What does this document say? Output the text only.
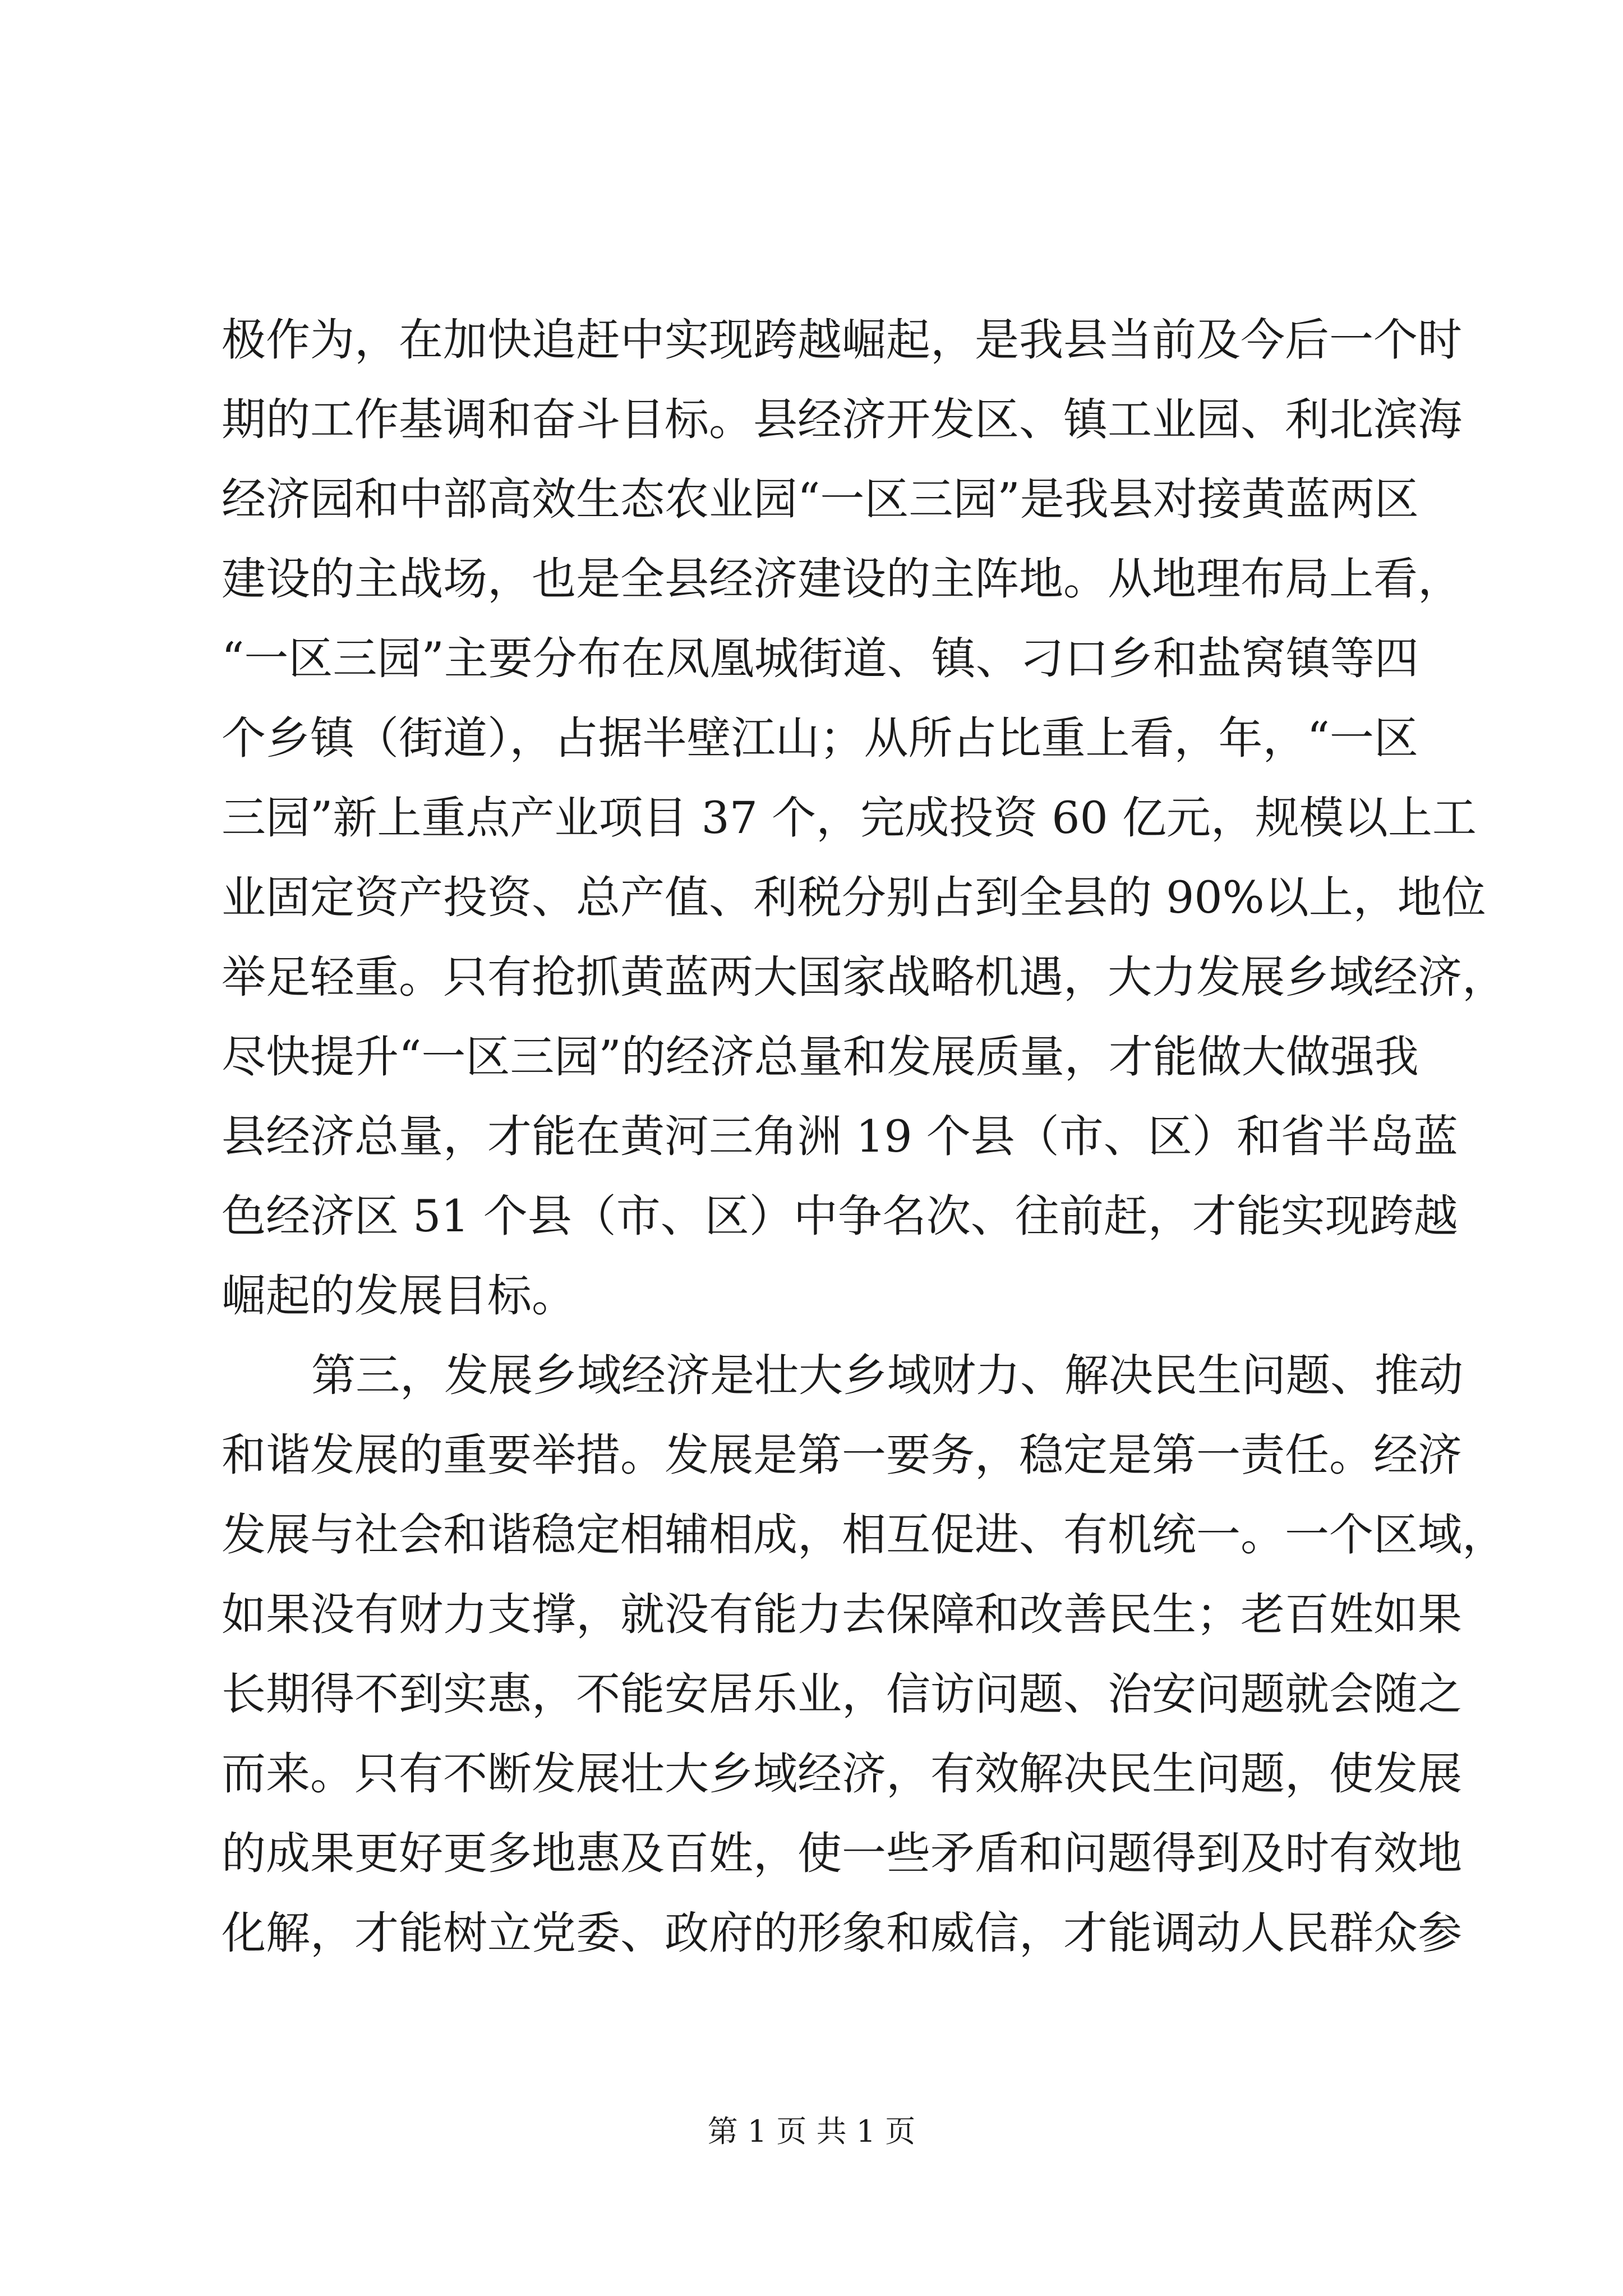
极作为，在加快追赶中实现跨越崛起，是我县当前及今后一个时
期的工作基调和奋斗目标。县经济开发区、镇工业园、利北滨海
经济园和中部高效生态农业园“一区三园”是我县对接黄蓝两区
建设的主战场，也是全县经济建设的主阵地。从地理布局上看，
“一区三园”主要分布在凤凰城街道、镇、刁口乡和盐窝镇等四
个乡镇（街道），占据半壁江山；从所占比重上看，年，“一区
三园”新上重点产业项目 37 个，完成投资 60 亿元，规模以上工
业固定资产投资、总产值、利税分别占到全县的 90%以上，地位
举足轻重。只有抢抓黄蓝两大国家战略机遇，大力发展乡域经济，
尽快提升“一区三园”的经济总量和发展质量，才能做大做强我
县经济总量，才能在黄河三角洲 19 个县（市、区）和省半岛蓝
色经济区 51 个县（市、区）中争名次、往前赶，才能实现跨越
崛起的发展目标。
第三，发展乡域经济是壮大乡域财力、解决民生问题、推动
和谐发展的重要举措。发展是第一要务，稳定是第一责任。经济
发展与社会和谐稳定相辅相成，相互促进、有机统一。一个区域，
如果没有财力支撑，就没有能力去保障和改善民生；老百姓如果
长期得不到实惠，不能安居乐业，信访问题、治安问题就会随之
而来。只有不断发展壮大乡域经济，有效解决民生问题，使发展
的成果更好更多地惠及百姓，使一些矛盾和问题得到及时有效地
化解，才能树立党委、政府的形象和威信，才能调动人民群众参
第 1 页 共 1 页
